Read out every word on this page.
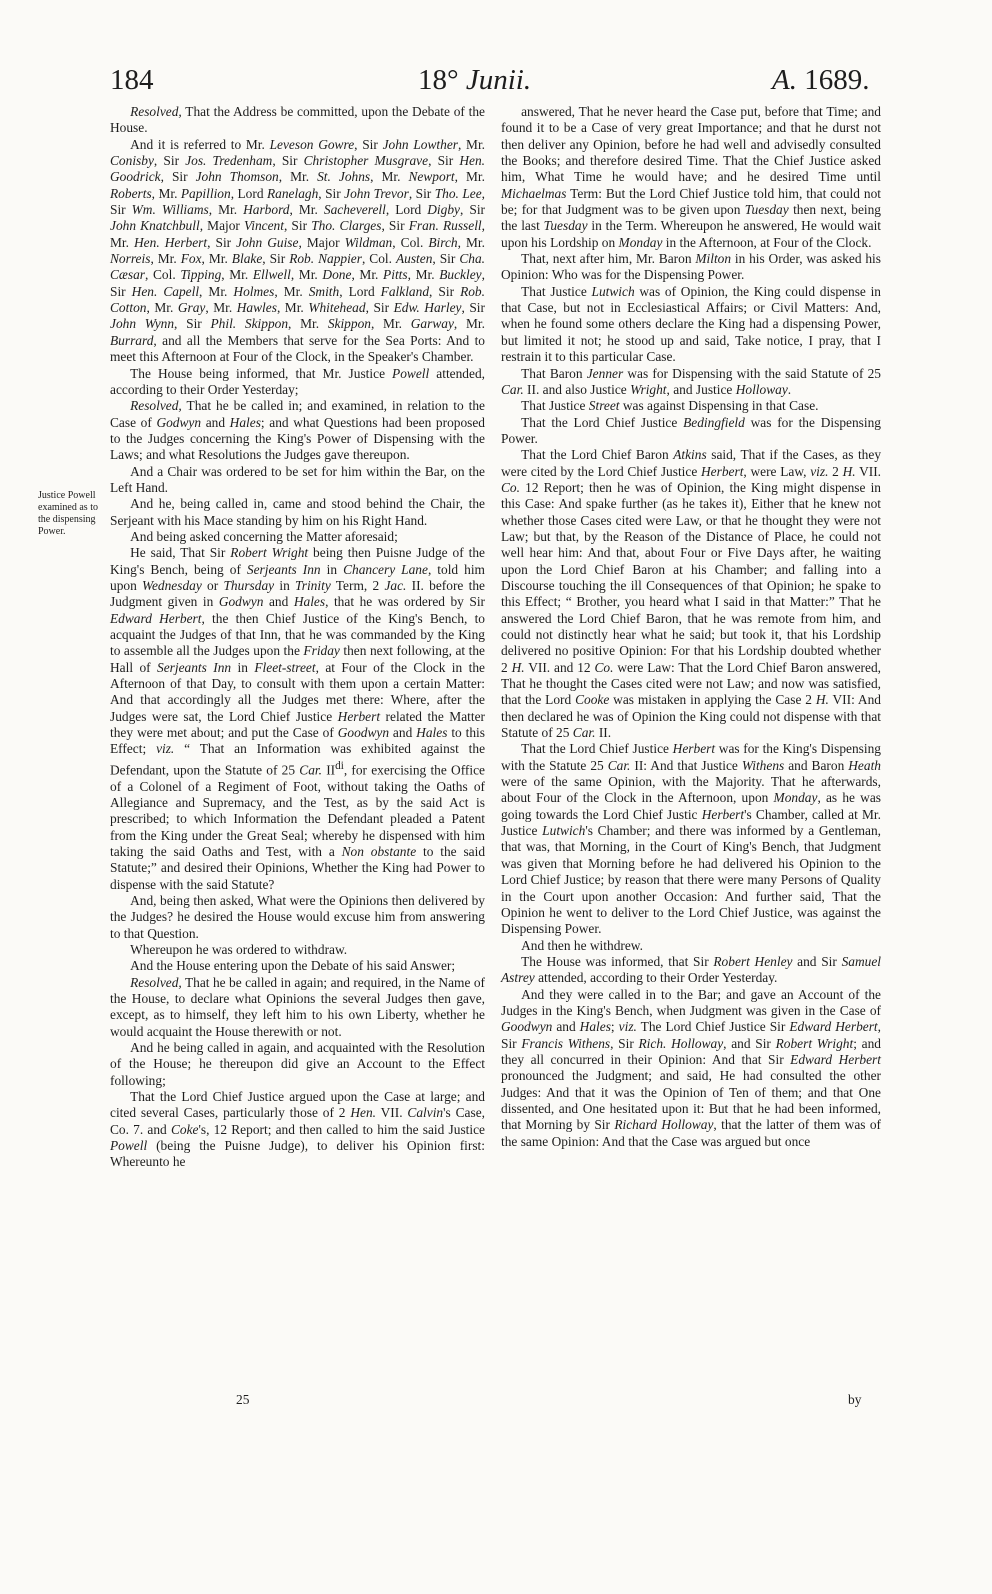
184	18° Junii.	A. 1689.
Justice Powell examined as to the dispensing Power.

Resolved, That the Address be committed, upon the Debate of the House.

And it is referred to Mr. Leveson Gowre, Sir John Lowther, Mr. Conisby, Sir Jos. Tredenham, Sir Christopher Musgrave, Sir Hen. Goodrick, Sir John Thomson, Mr. St. Johns, Mr. Newport, Mr. Roberts, Mr. Papillion, Lord Ranelagh, Sir John Trevor, Sir Tho. Lee, Sir Wm. Williams, Mr. Harbord, Mr. Sacheverell, Lord Digby, Sir John Knatchbull, Major Vincent, Sir Tho. Clarges, Sir Fran. Russell, Mr. Hen. Herbert, Sir John Guise, Major Wildman, Col. Birch, Mr. Norreis, Mr. Fox, Mr. Blake, Sir Rob. Nappier, Col. Austen, Sir Cha. Cæsar, Col. Tipping, Mr. Ellwell, Mr. Done, Mr. Pitts, Mr. Buckley, Sir Hen. Capell, Mr. Holmes, Mr. Smith, Lord Falkland, Sir Rob. Cotton, Mr. Gray, Mr. Hawles, Mr. Whitehead, Sir Edw. Harley, Sir John Wynn, Sir Phil. Skippon, Mr. Skippon, Mr. Garway, Mr. Burrard, and all the Members that serve for the Sea Ports: And to meet this Afternoon at Four of the Clock, in the Speaker's Chamber.

The House being informed, that Mr. Justice Powell attended, according to their Order Yesterday;

Resolved, That he be called in; and examined, in relation to the Case of Godwyn and Hales; and what Questions had been proposed to the Judges concerning the King's Power of Dispensing with the Laws; and what Resolutions the Judges gave thereupon.

And a Chair was ordered to be set for him within the Bar, on the Left Hand.

And he, being called in, came and stood behind the Chair, the Serjeant with his Mace standing by him on his Right Hand.

And being asked concerning the Matter aforesaid;

He said, That Sir Robert Wright being then Puisne Judge of the King's Bench, being of Serjeants Inn in Chancery Lane, told him upon Wednesday or Thursday in Trinity Term, 2 Jac. II. before the Judgment given in Godwyn and Hales, that he was ordered by Sir Edward Herbert, the then Chief Justice of the King's Bench, to acquaint the Judges of that Inn, that he was commanded by the King to assemble all the Judges upon the Friday then next following, at the Hall of Serjeants Inn in Fleet-street, at Four of the Clock in the Afternoon of that Day, to consult with them upon a certain Matter: And that accordingly all the Judges met there: Where, after the Judges were sat, the Lord Chief Justice Herbert related the Matter they were met about; and put the Case of Goodwyn and Hales to this Effect; viz. “ That an Information was exhibited against the Defendant, upon the Statute of 25 Car. $II^{di}$, for exercising the Office of a Colonel of a Regiment of Foot, without taking the Oaths of Allegiance and Supremacy, and the Test, as by the said Act is prescribed; to which Information the Defendant pleaded a Patent from the King under the Great Seal; whereby he dispensed with him taking the said Oaths and Test, with a Non obstante to the said Statute;” and desired their Opinions, Whether the King had Power to dispense with the said Statute?

And, being then asked, What were the Opinions then delivered by the Judges? he desired the House would excuse him from answering to that Question.

Whereupon he was ordered to withdraw.

And the House entering upon the Debate of his said Answer;

Resolved, That he be called in again; and required, in the Name of the House, to declare what Opinions the several Judges then gave, except, as to himself, they left him to his own Liberty, whether he would acquaint the House therewith or not.

And he being called in again, and acquainted with the Resolution of the House; he thereupon did give an Account to the Effect following;

That the Lord Chief Justice argued upon the Case at large; and cited several Cases, particularly those of 2 Hen. VII. Calvin's Case, Co. 7. and Coke's, 12 Report; and then called to him the said Justice Powell (being the Puisne Judge), to deliver his Opinion first: Whereunto he

answered, That he never heard the Case put, before that Time; and found it to be a Case of very great Importance; and that he durst not then deliver any Opinion, before he had well and advisedly consulted the Books; and therefore desired Time. That the Chief Justice asked him, What Time he would have; and he desired Time until Michaelmas Term: But the Lord Chief Justice told him, that could not be; for that Judgment was to be given upon Tuesday then next, being the last Tuesday in the Term. Whereupon he answered, He would wait upon his Lordship on Monday in the Afternoon, at Four of the Clock.

That, next after him, Mr. Baron Milton in his Order, was asked his Opinion: Who was for the Dispensing Power.

That Justice Lutwich was of Opinion, the King could dispense in that Case, but not in Ecclesiastical Affairs; or Civil Matters: And, when he found some others declare the King had a dispensing Power, but limited it not; he stood up and said, Take notice, I pray, that I restrain it to this particular Case.

That Baron Jenner was for Dispensing with the said Statute of 25 Car. II. and also Justice Wright, and Justice Holloway.

That Justice Street was against Dispensing in that Case.

That the Lord Chief Justice Bedingfield was for the Dispensing Power.

That the Lord Chief Baron Atkins said, That if the Cases, as they were cited by the Lord Chief Justice Herbert, were Law, viz. 2 H. VII. Co. 12 Report; then he was of Opinion, the King might dispense in this Case: And spake further (as he takes it), Either that he knew not whether those Cases cited were Law, or that he thought they were not Law; but that, by the Reason of the Distance of Place, he could not well hear him: And that, about Four or Five Days after, he waiting upon the Lord Chief Baron at his Chamber; and falling into a Discourse touching the ill Consequences of that Opinion; he spake to this Effect; “ Brother, you heard what I said in that Matter:” That he answered the Lord Chief Baron, that he was remote from him, and could not distinctly hear what he said; but took it, that his Lordship delivered no positive Opinion: For that his Lordship doubted whether 2 H. VII. and 12 Co. were Law: That the Lord Chief Baron answered, That he thought the Cases cited were not Law; and now was satisfied, that the Lord Cooke was mistaken in applying the Case 2 H. VII: And then declared he was of Opinion the King could not dispense with that Statute of 25 Car. II.

That the Lord Chief Justice Herbert was for the King's Dispensing with the Statute 25 Car. II: And that Justice Withens and Baron Heath were of the same Opinion, with the Majority. That he afterwards, about Four of the Clock in the Afternoon, upon Monday, as he was going towards the Lord Chief Justic Herbert's Chamber, called at Mr. Justice Lutwich's Chamber; and there was informed by a Gentleman, that was, that Morning, in the Court of King's Bench, that Judgment was given that Morning before he had delivered his Opinion to the Lord Chief Justice; by reason that there were many Persons of Quality in the Court upon another Occasion: And further said, That the Opinion he went to deliver to the Lord Chief Justice, was against the Dispensing Power.

And then he withdrew.

The House was informed, that Sir Robert Henley and Sir Samuel Astrey attended, according to their Order Yesterday.

And they were called in to the Bar; and gave an Account of the Judges in the King's Bench, when Judgment was given in the Case of Goodwyn and Hales; viz. The Lord Chief Justice Sir Edward Herbert, Sir Francis Withens, Sir Rich. Holloway, and Sir Robert Wright; and they all concurred in their Opinion: And that Sir Edward Herbert pronounced the Judgment; and said, He had consulted the other Judges: And that it was the Opinion of Ten of them; and that One dissented, and One hesitated upon it: But that he had been informed, that Morning by Sir Richard Holloway, that the latter of them was of the same Opinion: And that the Case was argued but once

25	by
